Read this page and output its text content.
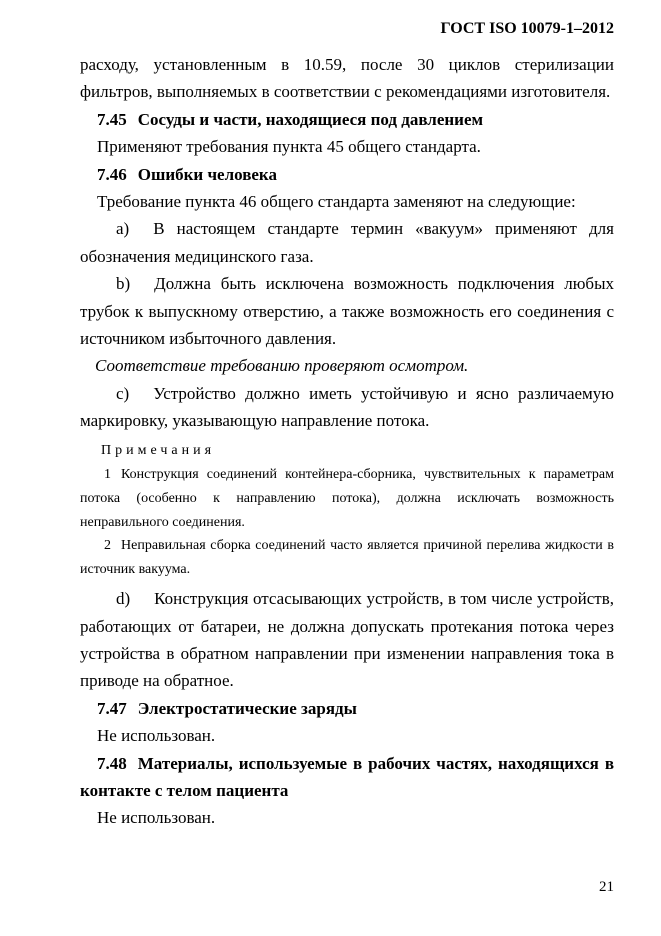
ГОСТ ISO 10079-1–2012

расходу, установленным в 10.59, после 30 циклов стерилизации фильтров, выполняемых в соответствии с рекомендациями изготовителя.

7.45 Сосуды и части, находящиеся под давлением

Применяют требования пункта 45 общего стандарта.

7.46 Ошибки человека

Требование пункта 46 общего стандарта заменяют на следующие:

a) В настоящем стандарте термин «вакуум» применяют для обозначения медицинского газа.

b) Должна быть исключена возможность подключения любых трубок к выпускному отверстию, а также возможность его соединения с источником избыточного давления.

Соответствие требованию проверяют осмотром.

c) Устройство должно иметь устойчивую и ясно различаемую маркировку, указывающую направление потока.

Примечания

1 Конструкция соединений контейнера-сборника, чувствительных к параметрам потока (особенно к направлению потока), должна исключать возможность неправильного соединения.

2 Неправильная сборка соединений часто является причиной перелива жидкости в источник вакуума.

d) Конструкция отсасывающих устройств, в том числе устройств, работающих от батареи, не должна допускать протекания потока через устройства в обратном направлении при изменении направления тока в приводе на обратное.

7.47 Электростатические заряды

Не использован.

7.48 Материалы, используемые в рабочих частях, находящихся в контакте с телом пациента

Не использован.

21
